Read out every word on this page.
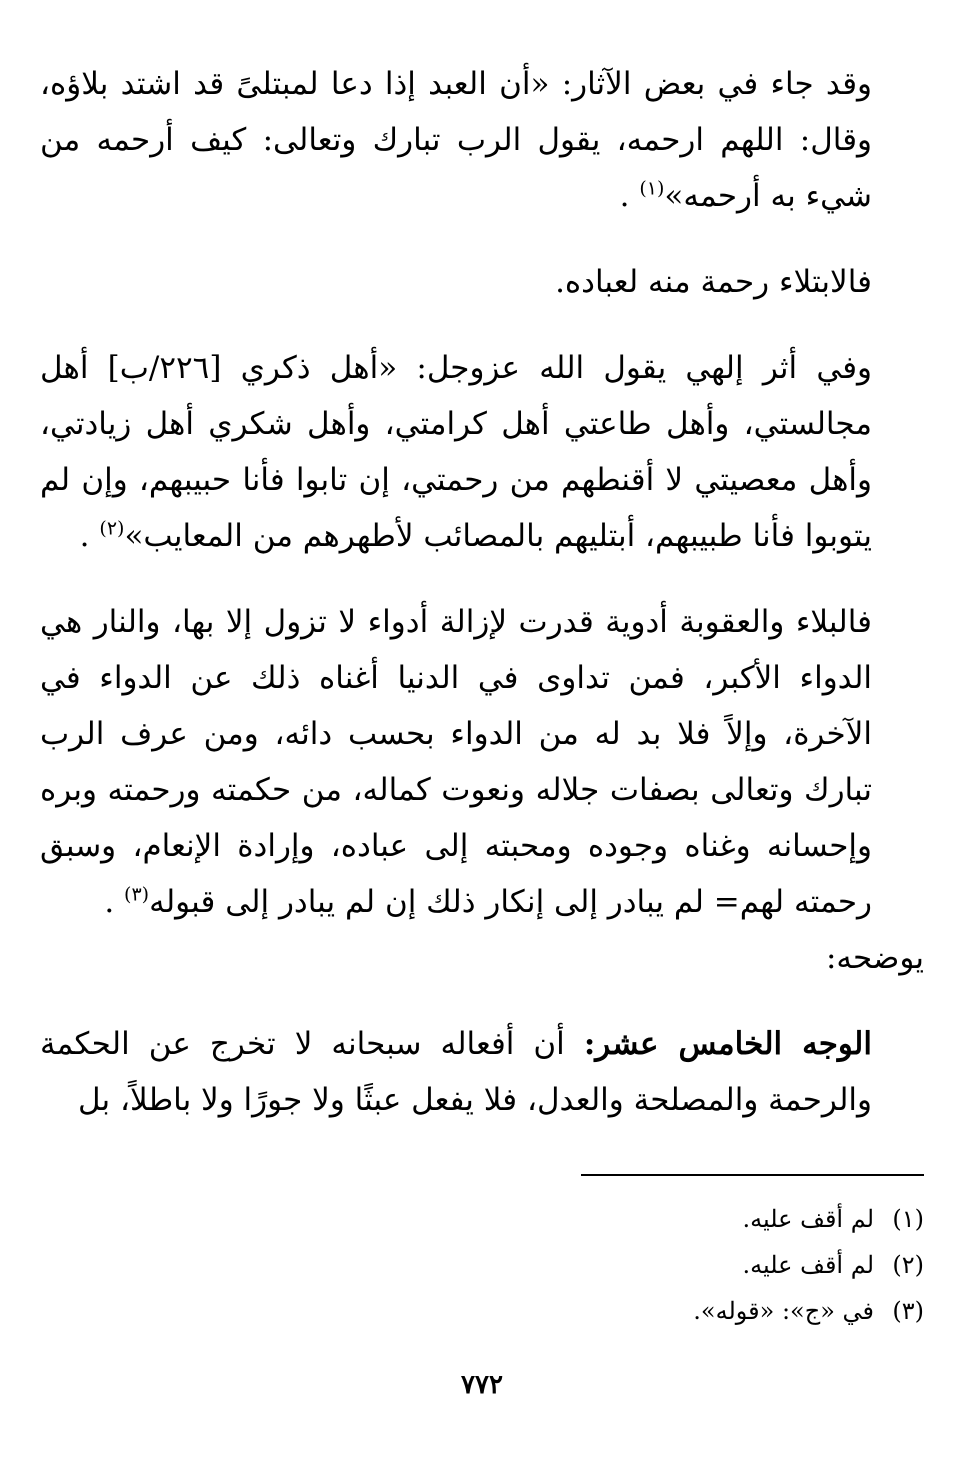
وقد جاء في بعض الآثار: «أن العبد إذا دعا لمبتلىً قد اشتد بلاؤه، وقال: اللهم ارحمه، يقول الرب تبارك وتعالى: كيف أرحمه من شيء به أرحمه»$^{(١)}$ .

فالابتلاء رحمة منه لعباده.

وفي أثر إلهي يقول الله عزوجل: «أهل ذكري [٢٢٦/ب] أهل مجالستي، وأهل طاعتي أهل كرامتي، وأهل شكري أهل زيادتي، وأهل معصيتي لا أقنطهم من رحمتي، إن تابوا فأنا حبيبهم، وإن لم يتوبوا فأنا طبيبهم، أبتليهم بالمصائب لأطهرهم من المعايب»$^{(٢)}$ .

فالبلاء والعقوبة أدوية قدرت لإزالة أدواء لا تزول إلا بها، والنار هي الدواء الأكبر، فمن تداوى في الدنيا أغناه ذلك عن الدواء في الآخرة، وإلاً فلا بد له من الدواء بحسب دائه، ومن عرف الرب تبارك وتعالى بصفات جلاله ونعوت كماله، من حكمته ورحمته وبره وإحسانه وغناه وجوده ومحبته إلى عباده، وإرادة الإنعام، وسبق رحمته لهم= لم يبادر إلى إنكار ذلك إن لم يبادر إلى قبوله$^{(٣)}$ .

يوضحه:

الوجه الخامس عشر: أن أفعاله سبحانه لا تخرج عن الحكمة والرحمة والمصلحة والعدل، فلا يفعل عبثًا ولا جورًا ولا باطلاً، بل

(١)لم أقف عليه.
(٢)لم أقف عليه.
(٣)في «ج»: «قوله».
٧٧٢
